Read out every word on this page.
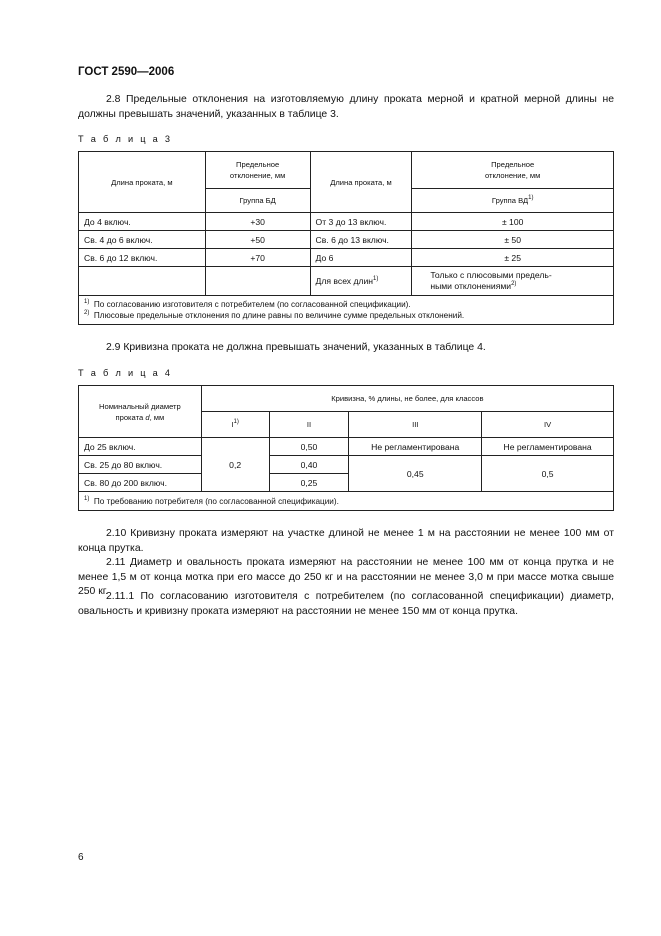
ГОСТ 2590—2006
2.8 Предельные отклонения на изготовляемую длину проката мерной и кратной мерной длины не должны превышать значений, указанных в таблице 3.
Т а б л и ц а 3
Длина проката, м	Предельное
отклонение, мм	Длина проката, м	Предельное
отклонение, мм
	Группа БД		Группа ВД$^{1)}$
До 4 включ.	+30	От 3 до 13 включ.	± 100
Св. 4 до 6 включ.	+50	Св. 6 до 13 включ.	± 50
Св. 6 до 12 включ.	+70	До 6	± 25
		Для всех длин$^{1)}$	Только с плюсовыми предель-
ными отклонениями$^{2)}$

$^{1)}$ По согласованию изготовителя с потребителем (по согласованной спецификации).
$^{2)}$ Плюсовые предельные отклонения по длине равны по величине сумме предельных отклонений.			
2.9 Кривизна проката не должна превышать значений, указанных в таблице 4.
Т а б л и ц а 4
Номинальный диаметр
проката d, мм	Кривизна, % длины, не более, для классов			
	$I^{1)}$	II	III	IV
До 25 включ.	0,2	0,50	Не регламентирована	Не регламентирована
Св. 25 до 80 включ.		0,40	0,45	0,5
Св. 80 до 200 включ.		0,25		

$^{1)}$ По требованию потребителя (по согласованной спецификации).				
2.10 Кривизну проката измеряют на участке длиной не менее 1 м на расстоянии не менее 100 мм от конца прутка.
2.11 Диаметр и овальность проката измеряют на расстоянии не менее 100 мм от конца прутка и не менее 1,5 м от конца мотка при его массе до 250 кг и на расстоянии не менее 3,0 м при массе мотка свыше 250 кг.
2.11.1 По согласованию изготовителя с потребителем (по согласованной спецификации) диаметр, овальность и кривизну проката измеряют на расстоянии не менее 150 мм от конца прутка.
6
